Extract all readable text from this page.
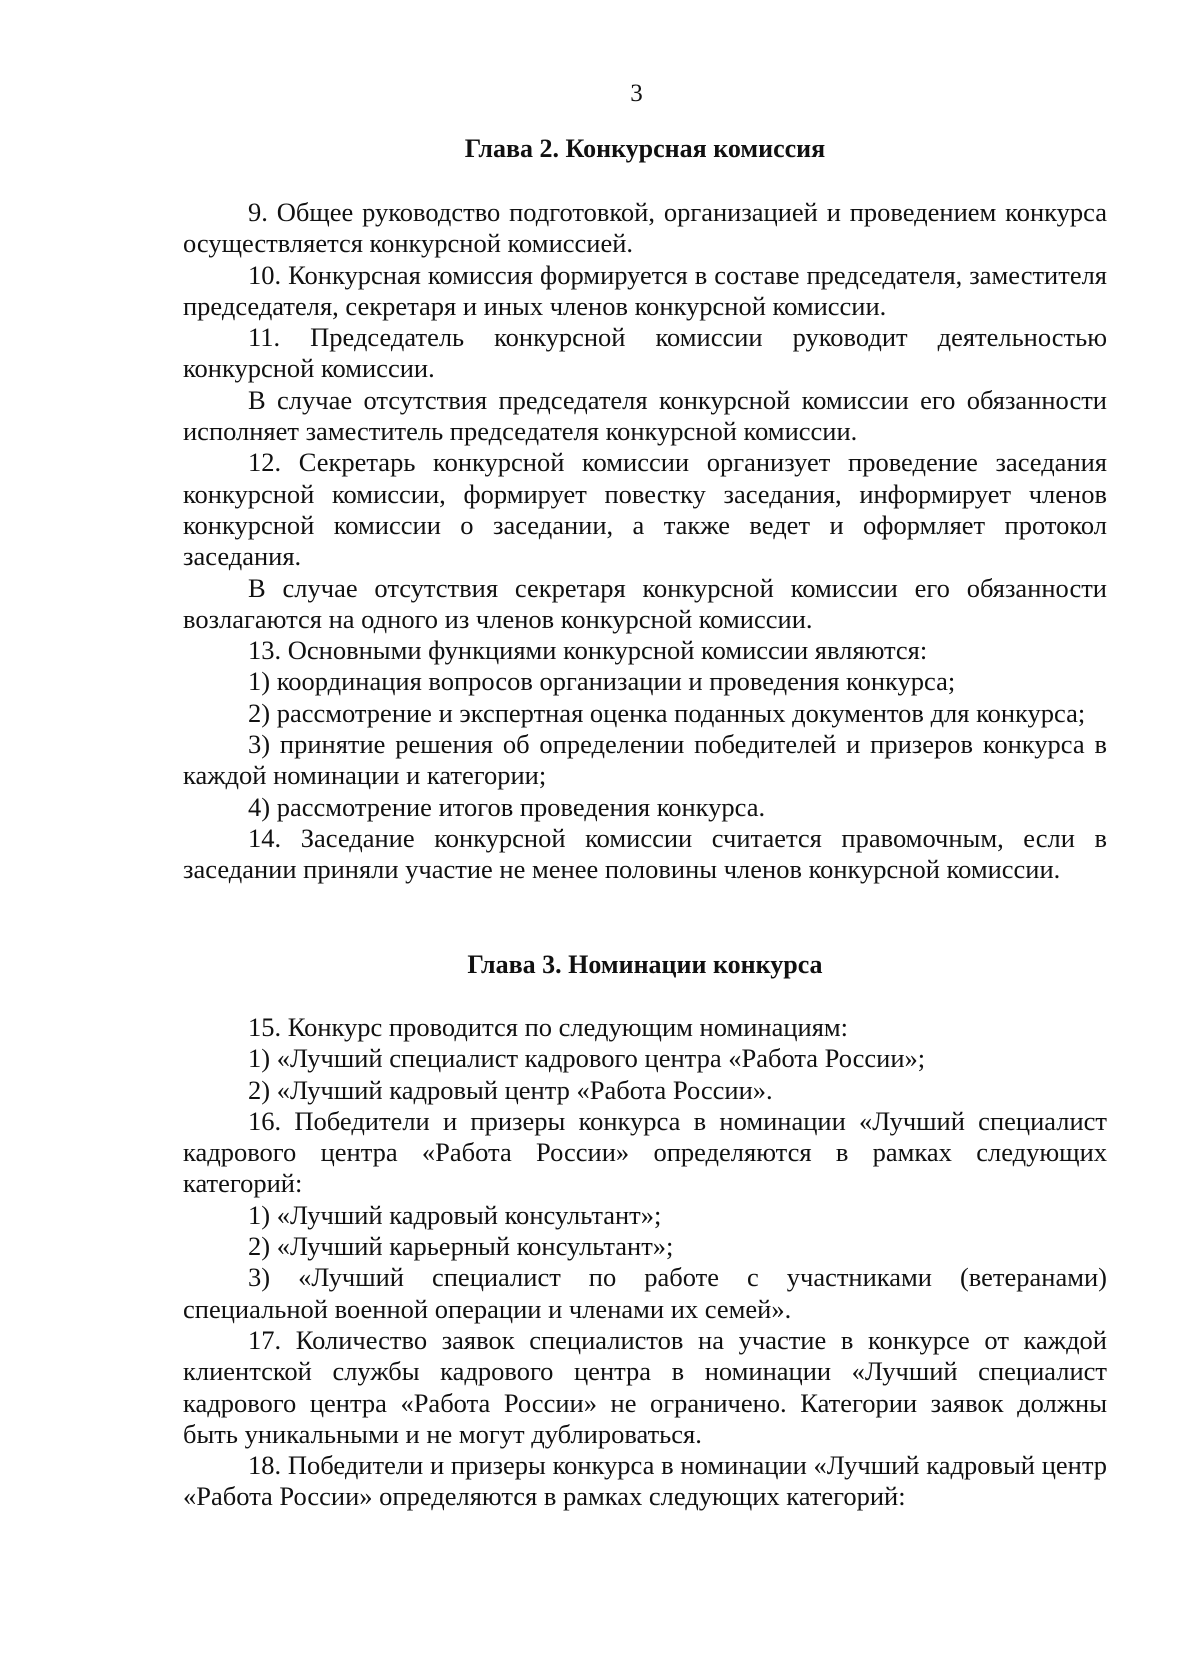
3
Глава 2. Конкурсная комиссия

9. Общее руководство подготовкой, организацией и проведением конкурса осуществляется конкурсной комиссией.

10. Конкурсная комиссия формируется в составе председателя, заместителя председателя, секретаря и иных членов конкурсной комиссии.

11. Председатель конкурсной комиссии руководит деятельностью конкурсной комиссии.

В случае отсутствия председателя конкурсной комиссии его обязанности исполняет заместитель председателя конкурсной комиссии.

12. Секретарь конкурсной комиссии организует проведение заседания конкурсной комиссии, формирует повестку заседания, информирует членов конкурсной комиссии о заседании, а также ведет и оформляет протокол заседания.

В случае отсутствия секретаря конкурсной комиссии его обязанности возлагаются на одного из членов конкурсной комиссии.

13. Основными функциями конкурсной комиссии являются:

1) координация вопросов организации и проведения конкурса;

2) рассмотрение и экспертная оценка поданных документов для конкурса;

3) принятие решения об определении победителей и призеров конкурса в каждой номинации и категории;

4) рассмотрение итогов проведения конкурса.

14. Заседание конкурсной комиссии считается правомочным, если в заседании приняли участие не менее половины членов конкурсной комиссии.

Глава 3. Номинации конкурса

15. Конкурс проводится по следующим номинациям:

1) «Лучший специалист кадрового центра «Работа России»;

2) «Лучший кадровый центр «Работа России».

16. Победители и призеры конкурса в номинации «Лучший специалист кадрового центра «Работа России» определяются в рамках следующих категорий:

1) «Лучший кадровый консультант»;

2) «Лучший карьерный консультант»;

3) «Лучший специалист по работе с участниками (ветеранами) специальной военной операции и членами их семей».

17. Количество заявок специалистов на участие в конкурсе от каждой клиентской службы кадрового центра в номинации «Лучший специалист кадрового центра «Работа России» не ограничено. Категории заявок должны быть уникальными и не могут дублироваться.

18. Победители и призеры конкурса в номинации «Лучший кадровый центр «Работа России» определяются в рамках следующих категорий:
